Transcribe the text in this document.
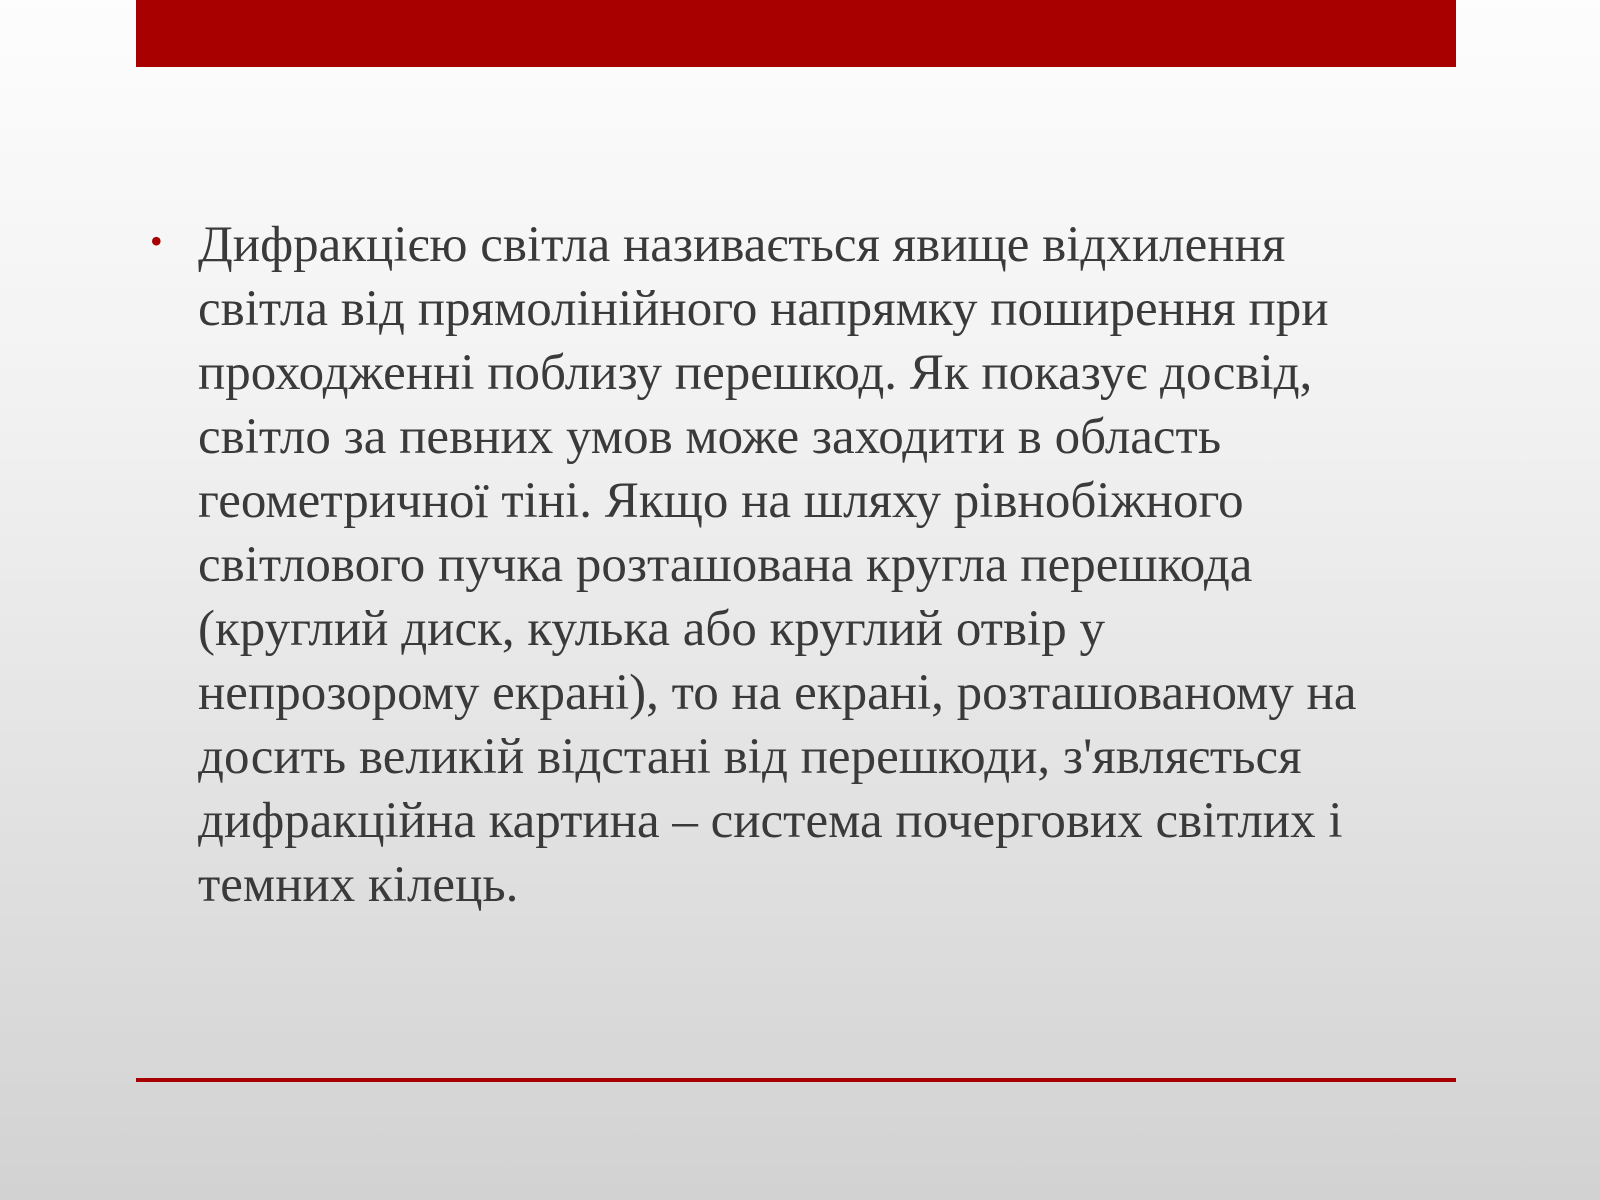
• Дифракцією світла називається явище відхилення
світла від прямолінійного напрямку поширення при
проходженні поблизу перешкод. Як показує досвід,
світло за певних умов може заходити в область
геометричної тіні. Якщо на шляху рівнобіжного
світлового пучка розташована кругла перешкода
(круглий диск, кулька або круглий отвір у
непрозорому екрані), то на екрані, розташованому на
досить великій відстані від перешкоди, з'являється
дифракційна картина – система почергових світлих і
темних кілець.
